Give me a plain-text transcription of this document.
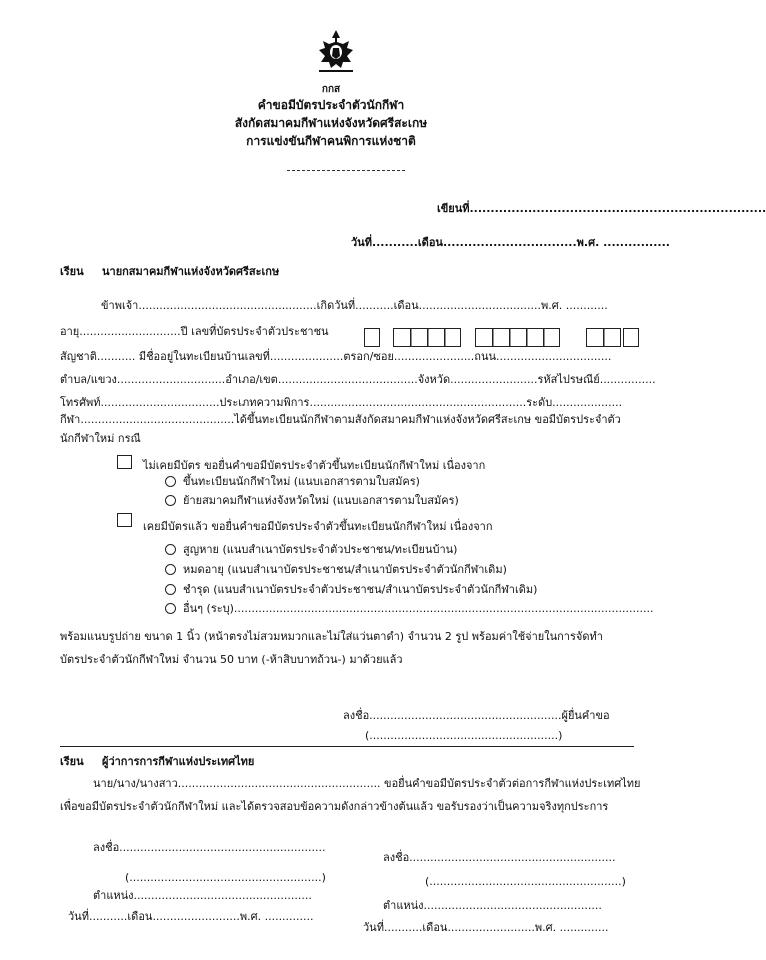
กกส
คำขอมีบัตรประจำตัวนักกีฬา
สังกัดสมาคมกีฬาแห่งจังหวัดศรีสะเกษ
การแข่งขันกีฬาคนพิการแห่งชาติ
เขียนที่.......................................................................
วันที่...........เดือน................................พ.ศ. ................
เรียน นายกสมาคมกีฬาแห่งจังหวัดศรีสะเกษ
ข้าพเจ้า...................................................เกิดวันที่...........เดือน...................................พ.ศ. ............
อายุ.............................ปี เลขที่บัตรประจำตัวประชาชน
สัญชาติ........... มีชื่ออยู่ในทะเบียนบ้านเลขที่.....................ตรอก/ซอย.......................ถนน.................................
ตำบล/แขวง...............................อำเภอ/เขต........................................จังหวัด.........................รหัสไปรษณีย์................
โทรศัพท์..................................ประเภทความพิการ..............................................................ระดับ....................
กีฬา............................................ได้ขึ้นทะเบียนนักกีฬาตามสังกัดสมาคมกีฬาแห่งจังหวัดศรีสะเกษ ขอมีบัตรประจำตัว
นักกีฬาใหม่ กรณี
ไม่เคยมีบัตร ขอยื่นคำขอมีบัตรประจำตัวขึ้นทะเบียนนักกีฬาใหม่ เนื่องจาก
ขึ้นทะเบียนนักกีฬาใหม่ (แนบเอกสารตามใบสมัคร)
ย้ายสมาคมกีฬาแห่งจังหวัดใหม่ (แนบเอกสารตามใบสมัคร)
เคยมีบัตรแล้ว ขอยื่นคำขอมีบัตรประจำตัวขึ้นทะเบียนนักกีฬาใหม่ เนื่องจาก
สูญหาย (แนบสำเนาบัตรประจำตัวประชาชน/ทะเบียนบ้าน)
หมดอายุ (แนบสำเนาบัตรประชาชน/สำเนาบัตรประจำตัวนักกีฬาเดิม)
ชำรุด (แนบสำเนาบัตรประจำตัวประชาชน/สำเนาบัตรประจำตัวนักกีฬาเดิม)
อื่นๆ (ระบุ)........................................................................................................................
พร้อมแนบรูปถ่าย ขนาด 1 นิ้ว (หน้าตรงไม่สวมหมวกและไม่ใส่แว่นตาดำ) จำนวน 2 รูป พร้อมค่าใช้จ่ายในการจัดทำ
บัตรประจำตัวนักกีฬาใหม่ จำนวน 50 บาท (-ห้าสิบบาทถ้วน-) มาด้วยแล้ว
ลงชื่อ.......................................................ผู้ยื่นคำขอ
(......................................................)
เรียน ผู้ว่าการการกีฬาแห่งประเทศไทย
นาย/นาง/นางสาว.......................................................... ขอยื่นคำขอมีบัตรประจำตัวต่อการกีฬาแห่งประเทศไทย
เพื่อขอมีบัตรประจำตัวนักกีฬาใหม่ และได้ตรวจสอบข้อความดังกล่าวข้างต้นแล้ว ขอรับรองว่าเป็นความจริงทุกประการ
ลงชื่อ...........................................................
(.......................................................)
ตำแหน่ง...................................................
วันที่...........เดือน.........................พ.ศ. ..............
ลงชื่อ...........................................................
(.......................................................)
ตำแหน่ง...................................................
วันที่...........เดือน.........................พ.ศ. ..............
